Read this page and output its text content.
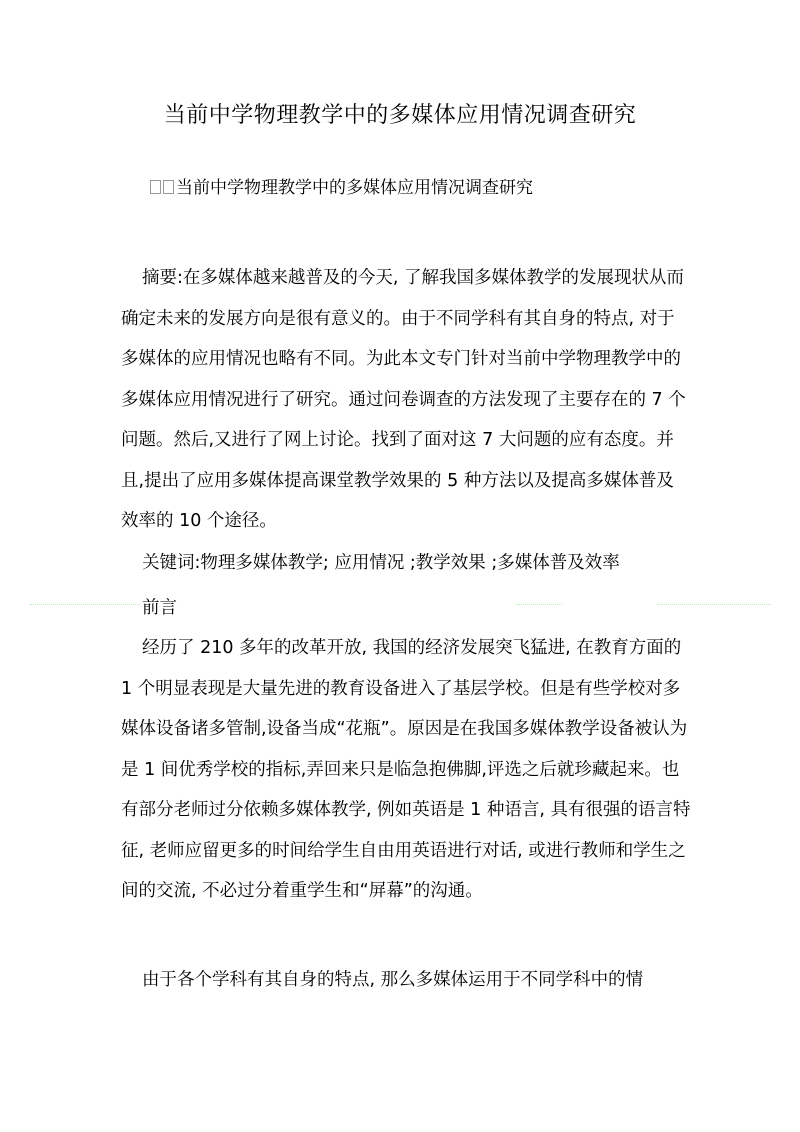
当前中学物理教学中的多媒体应用情况调查研究
当前中学物理教学中的多媒体应用情况调查研究
摘要:在多媒体越来越普及的今天, 了解我国多媒体教学的发展现状从而确定未来的发展方向是很有意义的。由于不同学科有其自身的特点, 对于多媒体的应用情况也略有不同。为此本文专门针对当前中学物理教学中的多媒体应用情况进行了研究。通过问卷调查的方法发现了主要存在的 7 个问题。然后,又进行了网上讨论。找到了面对这 7 大问题的应有态度。并且,提出了应用多媒体提高课堂教学效果的 5 种方法以及提高多媒体普及效率的 10 个途径。
关键词:物理多媒体教学; 应用情况 ;教学效果 ;多媒体普及效率
前言
经历了 210 多年的改革开放, 我国的经济发展突飞猛进, 在教育方面的 1 个明显表现是大量先进的教育设备进入了基层学校。但是有些学校对多媒体设备诸多管制,设备当成“花瓶”。原因是在我国多媒体教学设备被认为是 1 间优秀学校的指标,弄回来只是临急抱佛脚,评选之后就珍藏起来。也有部分老师过分依赖多媒体教学, 例如英语是 1 种语言, 具有很强的语言特征, 老师应留更多的时间给学生自由用英语进行对话, 或进行教师和学生之间的交流, 不必过分着重学生和“屏幕”的沟通。
由于各个学科有其自身的特点, 那么多媒体运用于不同学科中的情
